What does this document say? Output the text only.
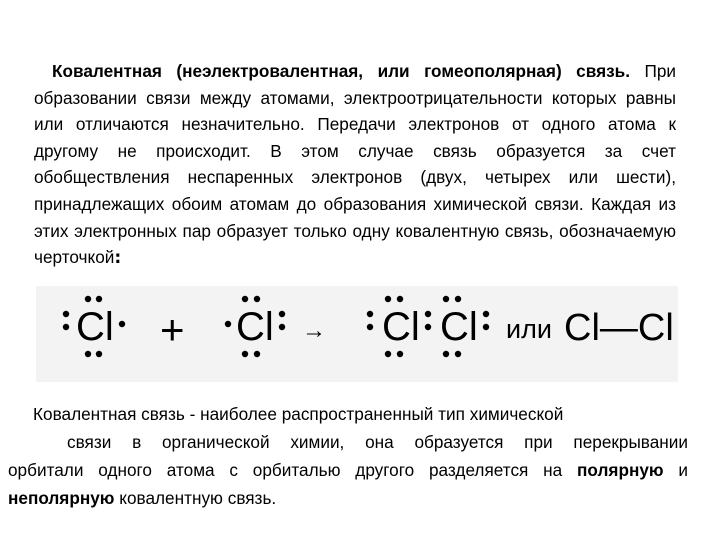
Ковалентная (неэлектровалентная, или гомеополярная) связь. При образовании связи между атомами, электроотрицательности которых равны или отличаются незначительно. Передачи электронов от одного атома к другому не происходит. В этом случае связь образуется за счет обобществления неспаренных электронов (двух, четырех или шести), принадлежащих обоим атомам до образования химической связи. Каждая из этих электронных пар образует только одну ковалентную связь, обозначаемую черточкой:
Cl + Cl → Cl Cl или Cl—Cl
Ковалентная связь - наиболее распространенный тип химической
связи в органической химии, она образуется при перекрывании
орбитали одного атома с орбиталью другого разделяется на полярную и
неполярную ковалентную связь.
